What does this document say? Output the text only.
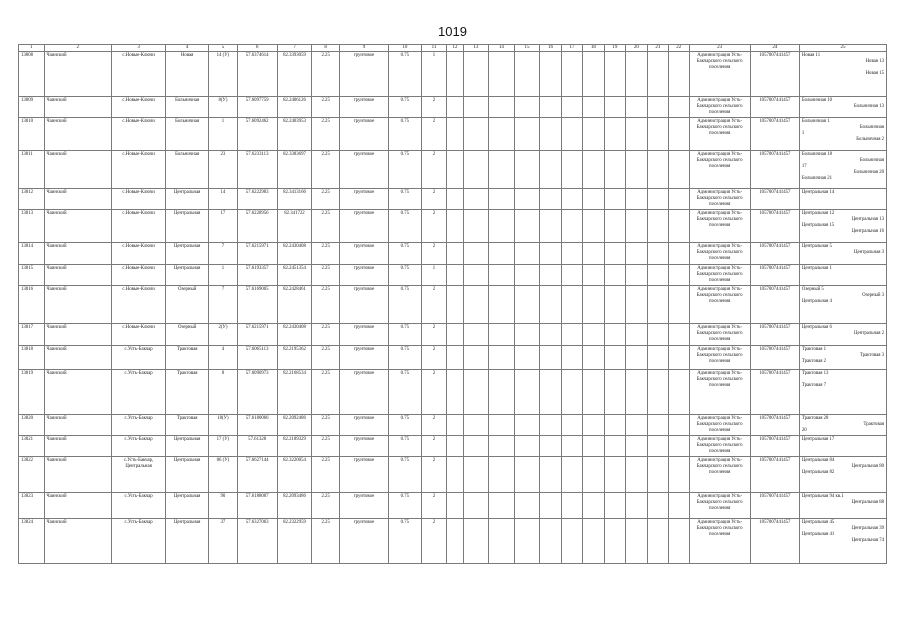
1019
1	2	3	4	5	6	7	8	9	10	11	12	13	14	15	16	17	18	19	20	21	22	23	24	25
13808	Чаинский	с.Новые-Ключи	Новая	14 (У)	57.6374614	82.3393059	2.25	грунтовое	0.75	1												Администрация Усть-Бакчарского сельского поселения	1057007441457	Новая 11
Новая 13

Новая 15

13809	Чаинский	с.Новые-Ключи	Больничная	8(У)	57.6097759	82.2406126	2.25	грунтовое	0.75	2												Администрация Усть-Бакчарского сельского поселения	1057007441457	Больничная 10
Больничная 13

13810	Чаинский	с.Новые-Ключи	Больничная	1	57.6092462	82.2403953	2.25	грунтовое	0.75	2												Администрация Усть-Бакчарского сельского поселения	1057007441457	Больничная 1
Больничная
1
Больничная 2

13811	Чаинский	с.Новые-Ключи	Больничная	23	57.6233113	82.3383697	2.25	грунтовое	0.75	2												Администрация Усть-Бакчарского сельского поселения	1057007441457	Больничная 18
Больничная
17
Больничная 20
Больничная 21

13812	Чаинский	с.Новые-Ключи	Центральная	14	57.6222983	82.3413166	2.25	грунтовое	0.75	2												Администрация Усть-Бакчарского сельского поселения	1057007441457	Центральная 14

13813	Чаинский	с.Новые-Ключи	Центральная	17	57.6228956	82.341722	2.25	грунтовое	0.75	2												Администрация Усть-Бакчарского сельского поселения	1057007441457	Центральная 12
Центральная 13
Центральная 15
Центральная 16

13814	Чаинский	с.Новые-Ключи	Центральная	7	57.6215971	82.2430408	2.25	грунтовое	0.75	2												Администрация Усть-Бакчарского сельского поселения	1057007441457	Центральная 5
Центральная 3

13815	Чаинский	с.Новые-Ключи	Центральная	1	57.6193357	82.2451354	2.25	грунтовое	0.75	1												Администрация Усть-Бакчарского сельского поселения	1057007441457	Центральная 1

13816	Чаинский	с.Новые-Ключи	Озерный	7	57.6169005	82.2428461	2.25	грунтовое	0.75	2												Администрация Усть-Бакчарского сельского поселения	1057007441457	Озерный 5
Озерный 3
Центральная 4

13817	Чаинский	с.Новые-Ключи	Озерный	2(У)	57.6215971	82.2430408	2.25	грунтовое	0.75	2												Администрация Усть-Бакчарского сельского поселения	1057007441457	Центральная 6
Центральная 2

13818	Чаинский	с.Усть-Бакчар	Трактовая	4	57.6065113	82.2195362	2.25	грунтовое	0.75	2												Администрация Усть-Бакчарского сельского поселения	1057007441457	Трактовая 1
Трактовая 3
Трактовая 2

13819	Чаинский	с.Усть-Бакчар	Трактовая	8	57.6090973	82.2168534	2.25	грунтовое	0.75	2												Администрация Усть-Бакчарского сельского поселения	1057007441457	Трактовая 13

Трактовая 7

13820	Чаинский	с.Усть-Бакчар	Трактовая	18(У)	57.6180066	82.2092486	2.25	грунтовое	0.75	2												Администрация Усть-Бакчарского сельского поселения	1057007441457	Трактовая 28
Трактовая
20

13821	Чаинский	с.Усть-Бакчар	Центральная	17 (У)	57.61328	82.2189329	2.25	грунтовое	0.75	2												Администрация Усть-Бакчарского сельского поселения	1057007441457	Центральная 17

13822	Чаинский	с.Усть-Бакчар, Центральная	Центральная	86 (У)	57.6627144	82.3220054	2.25	грунтовое	0.75	2												Администрация Усть-Бакчарского сельского поселения	1057007441457	Центральная 84
Центральная 80
Центральная 82

13823	Чаинский	с.Усть-Бакчар	Центральная	90	57.6188087	82.2093486	2.25	грунтовое	0.75	2												Администрация Усть-Бакчарского сельского поселения	1057007441457	Центральная 94 кв.1
Центральная 88

13824	Чаинский	с.Усть-Бакчар	Центральная	37	57.6327063	82.2322959	2.25	грунтовое	0.75	2												Администрация Усть-Бакчарского сельского поселения	1057007441457	Центральная 45
Центральная 39
Центральная 41
Центральная 74
